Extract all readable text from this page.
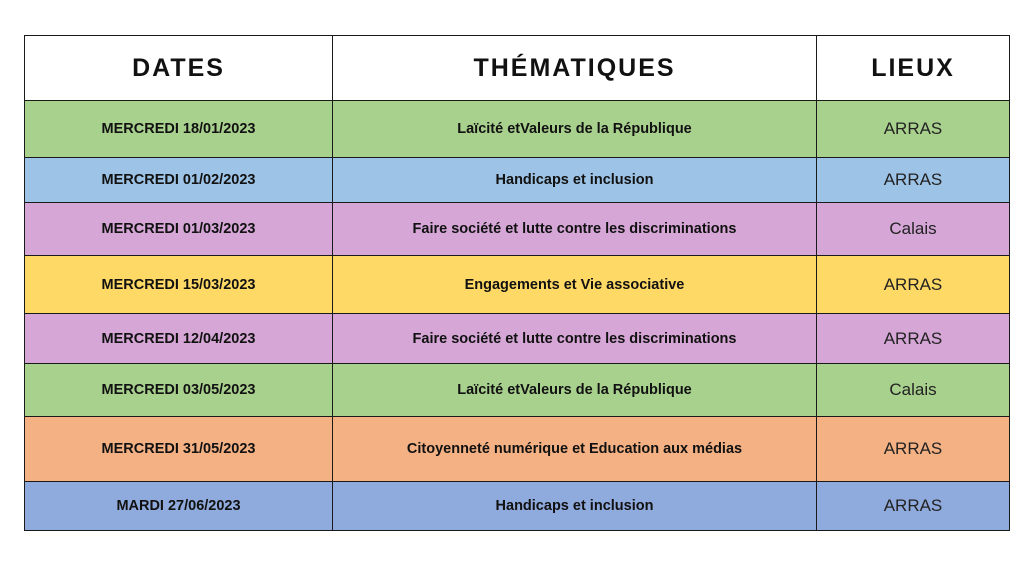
DATES	THÉMATIQUES	LIEUX
MERCREDI 18/01/2023	Laïcité etValeurs de la République	ARRAS
MERCREDI 01/02/2023	Handicaps et inclusion	ARRAS
MERCREDI 01/03/2023	Faire société et lutte contre les discriminations	Calais
MERCREDI 15/03/2023	Engagements et Vie associative	ARRAS
MERCREDI 12/04/2023	Faire société et lutte contre les discriminations	ARRAS
MERCREDI 03/05/2023	Laïcité etValeurs de la République	Calais
MERCREDI 31/05/2023	Citoyenneté numérique et Education aux médias	ARRAS
MARDI 27/06/2023	Handicaps et inclusion	ARRAS
